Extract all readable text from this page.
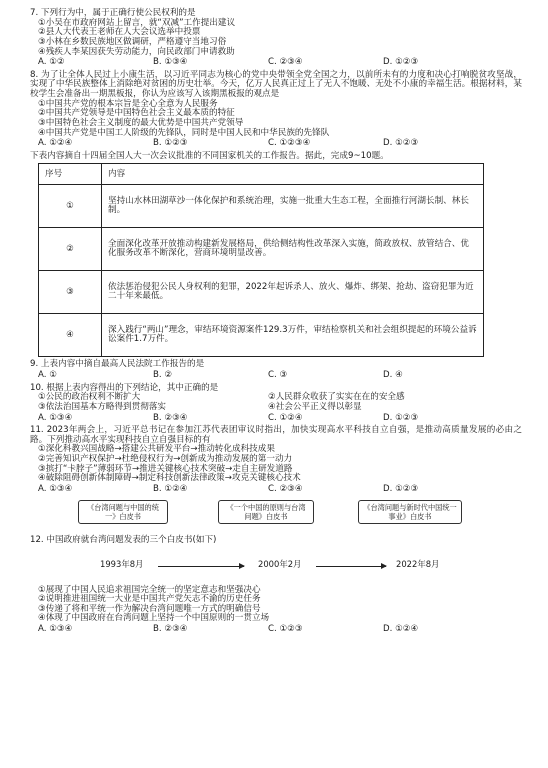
7. 下列行为中，属于正确行使公民权利的是

①小吴在市政府网站上留言，就“双减”工作提出建议

②县人大代表王老师在人大会议选举中投票

③小林在乡数民族地区做调研，严格遵守当地习俗

④残疾人李某因获失劳动能力，向民政部门申请救助

A. ①②	B. ①③④	C. ②③④	D. ①②③

8. 为了让全体人民过上小康生活，以习近平同志为核心的党中央带领全党全国之力，以前所未有的力度和决心打响脱贫攻坚战，实现了中华民族整体上消除绝对贫困的历史壮举。今天，亿万人民真正过上了无人不饱暖、无处不小康的幸福生活。根据材料，某校学生会准备出一期黑板报，你认为应该写入该期黑板报的观点是

①中国共产党的根本宗旨是全心全意为人民服务

②中国共产党领导是中国特色社会主义最本质的特征

③中国特色社会主义制度的最大优势是中国共产党领导

④中国共产党是中国工人阶级的先锋队，同时是中国人民和中华民族的先锋队

A. ①②④	B. ①②③	C. ①②③④	D. ①②③

下表内容摘自十四届全国人大一次会议批准的不同国家机关的工作报告。据此，完成9~10题。

序号	内容
①	坚持山水林田湖草沙一体化保护和系统治理，实施一批重大生态工程，全面推行河湖长制、林长制。
②	全面深化改革开放推动构建新发展格局，供给侧结构性改革深入实施，简政放权、放管结合、优化服务改革不断深化，营商环境明显改善。
③	依法惩治侵犯公民人身权利的犯罪，2022年起诉杀人、放火、爆炸、绑架、抢劫、盗窃犯罪为近二十年来最低。
④	深入践行“两山”理念，审结环境资源案件129.3万件，审结检察机关和社会组织提起的环境公益诉讼案件1.7万件。

9. 上表内容中摘自最高人民法院工作报告的是

A. ①	B. ②	C. ③	D. ④

10. 根据上表内容得出的下列结论，其中正确的是

①公民的政治权利不断扩大	②人民群众收获了实实在在的安全感
③依法治国基本方略得到贯彻落实	④社会公平正义得以彰显
A. ①③④	B. ②③④	C. ①②④	D. ①②③

11. 2023年两会上，习近平总书记在参加江苏代表团审议时指出，加快实现高水平科技自立自强，是推动高质量发展的必由之路。下列推动高水平实现科技自立自强目标的有

①深化科教兴国战略→搭建公共研发平台→推动转化成科技成果

②完善知识产权保护→杜绝侵权行为→创新成为推动发展的第一动力

③摈打“卡脖子”薄弱环节→推进关键核心技术突破→走自主研发道路

④破除阻碍创新体制障碍→制定科技创新法律政策→攻克关键核心技术

A. ①③④	B. ①②④	C. ②③④	D. ①②③
《台湾问题与中国的统一》白皮书
《一个中国的原则与台湾问题》白皮书
《台湾问题与新时代中国统一事业》白皮书

12. 中国政府就台湾问题发表的三个白皮书(如下)

1993年8月	2000年2月	2022年8月

①展现了中国人民追求祖国完全统一的坚定意志和坚强决心

②说明推进祖国统一大业是中国共产党矢志不渝的历史任务

③传递了将和平统一作为解决台湾问题唯一方式的明确信号

④体现了中国政府在台湾问题上坚持一个中国原则的一贯立场

A. ①③④	B. ②③④	C. ①②③	D. ①②④
